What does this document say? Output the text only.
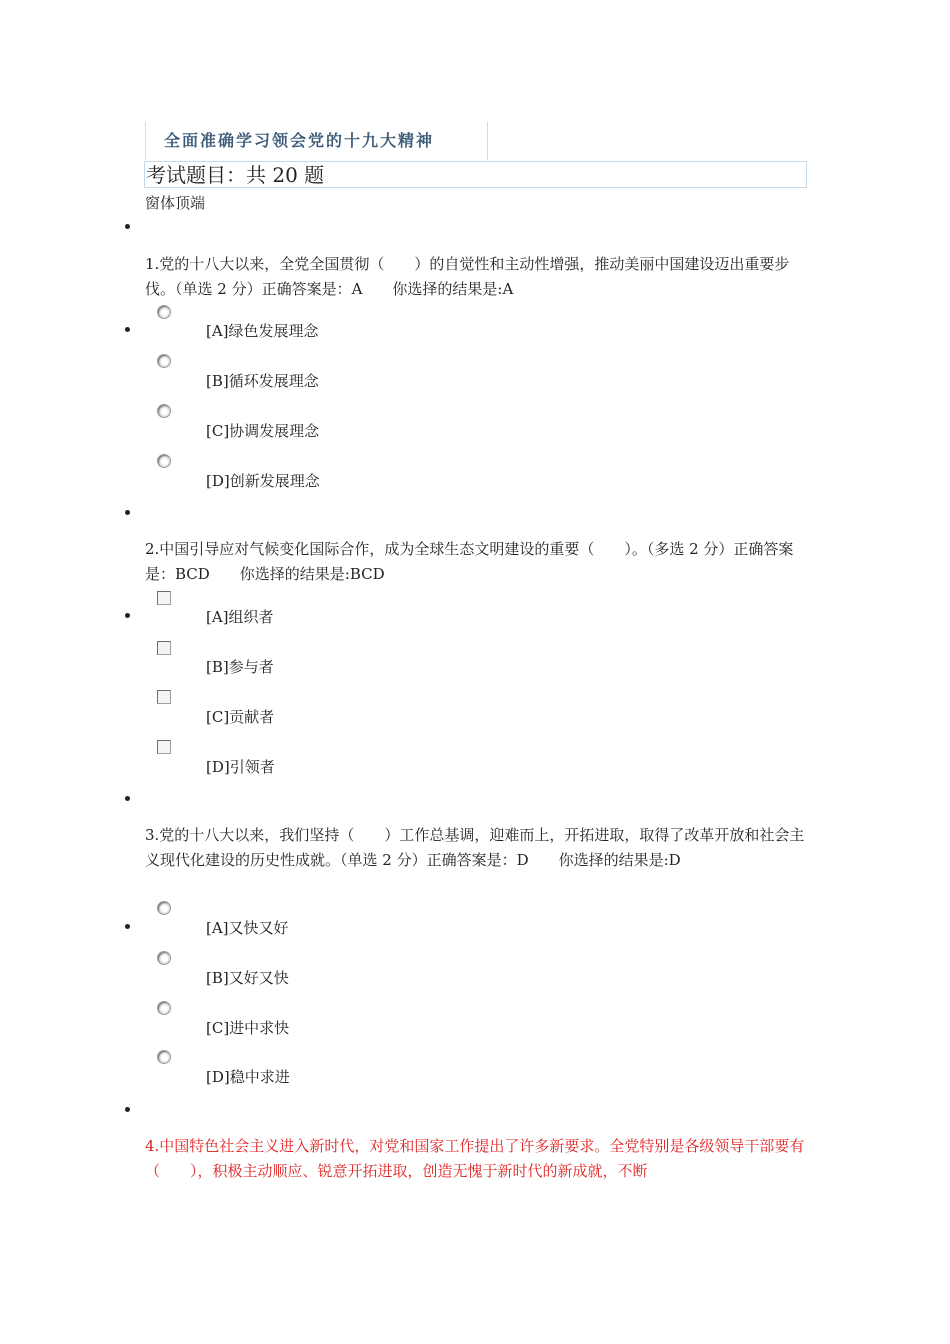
全面准确学习领会党的十九大精神
考试题目：共 20 题
窗体顶端
1.党的十八大以来，全党全国贯彻（　　）的自觉性和主动性增强，推动美丽中国建设迈出重要步伐。（单选 2 分）正确答案是：A　　你选择的结果是:A
[A]绿色发展理念
[B]循环发展理念
[C]协调发展理念
[D]创新发展理念
2.中国引导应对气候变化国际合作，成为全球生态文明建设的重要（　　）。（多选 2 分）正确答案是：BCD　　你选择的结果是:BCD
[A]组织者
[B]参与者
[C]贡献者
[D]引领者
3.党的十八大以来，我们坚持（　　）工作总基调，迎难而上，开拓进取，取得了改革开放和社会主义现代化建设的历史性成就。（单选 2 分）正确答案是：D　　你选择的结果是:D
[A]又快又好
[B]又好又快
[C]进中求快
[D]稳中求进
4.中国特色社会主义进入新时代，对党和国家工作提出了许多新要求。全党特别是各级领导干部要有（　　），积极主动顺应、锐意开拓进取，创造无愧于新时代的新成就，不断
